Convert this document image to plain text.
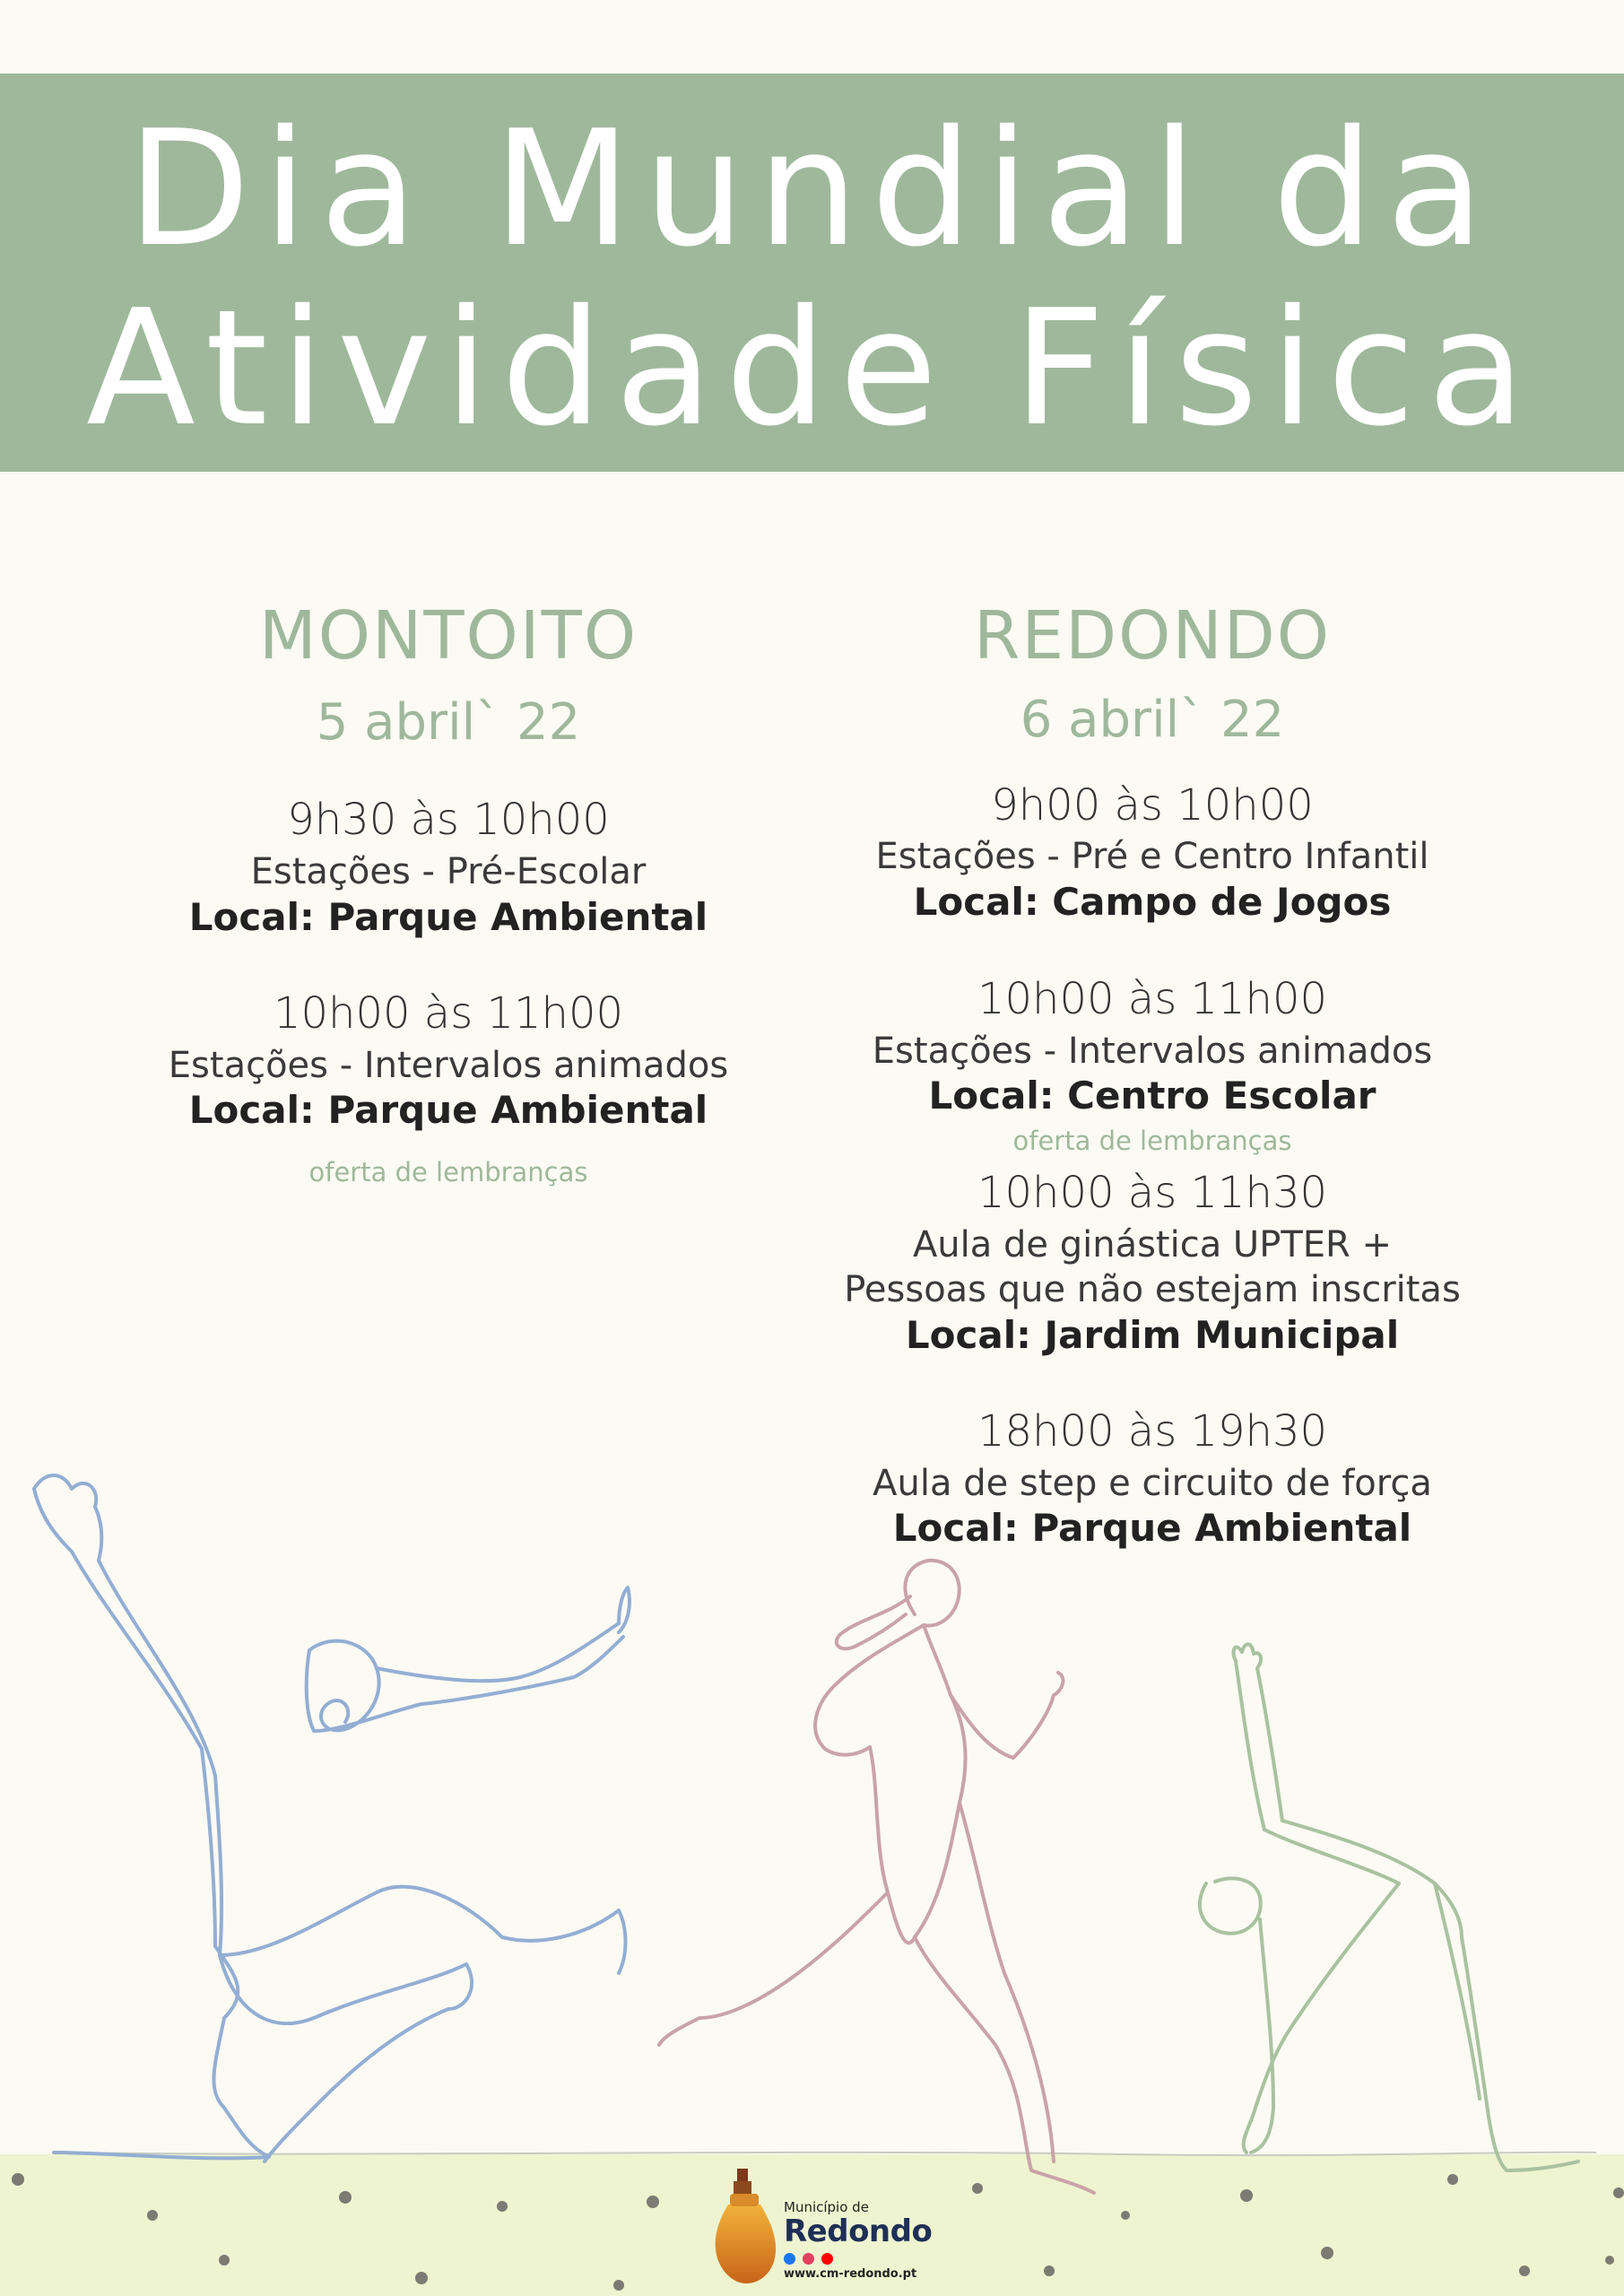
Dia Mundial da
Atividade Física
MONTOITO
5 abril` 22
9h30 às 10h00
Estações - Pré-Escolar
Local: Parque Ambiental
10h00 às 11h00
Estações - Intervalos animados
Local: Parque Ambiental
oferta de lembranças
REDONDO
6 abril` 22
9h00 às 10h00
Estações - Pré e Centro Infantil
Local: Campo de Jogos
10h00 às 11h00
Estações - Intervalos animados
Local: Centro Escolar
oferta de lembranças
10h00 às 11h30
Aula de ginástica UPTER +
Pessoas que não estejam inscritas
Local: Jardim Municipal
18h00 às 19h30
Aula de step e circuito de força
Local: Parque Ambiental
Município de
Redondo

www.cm-redondo.pt
